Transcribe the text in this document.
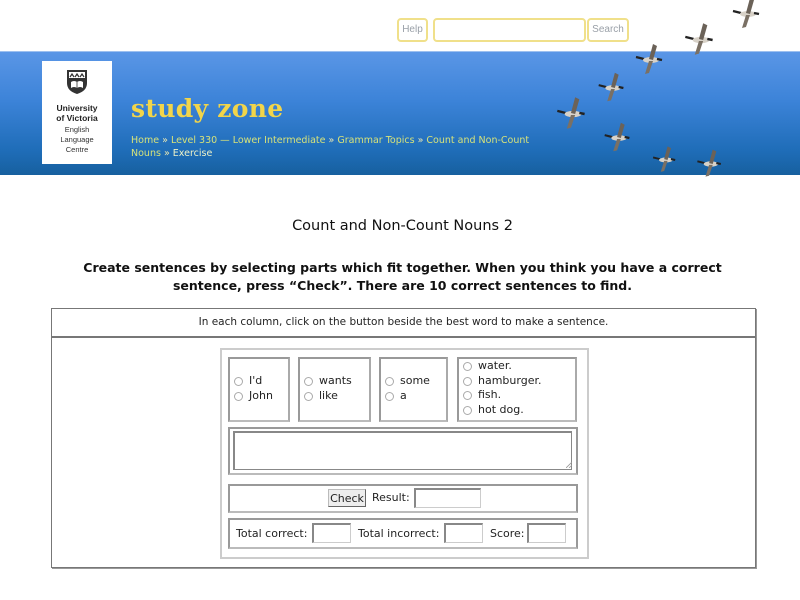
Help	Search
University
of Victoria
English
Language
Centre
study zone
Home » Level 330 — Lower Intermediate » Grammar Topics » Count and Non-Count Nouns » Exercise
Count and Non-Count Nouns 2
Create sentences by selecting parts which fit together. When you think you have a correct sentence, press “Check”. There are 10 correct sentences to find.
In each column, click on the button beside the best word to make a sentence.
I'd
John
wants
like
some
a
water.
hamburger.
fish.
hot dog.
Check Result:
Total correct:	Total incorrect:	Score:
